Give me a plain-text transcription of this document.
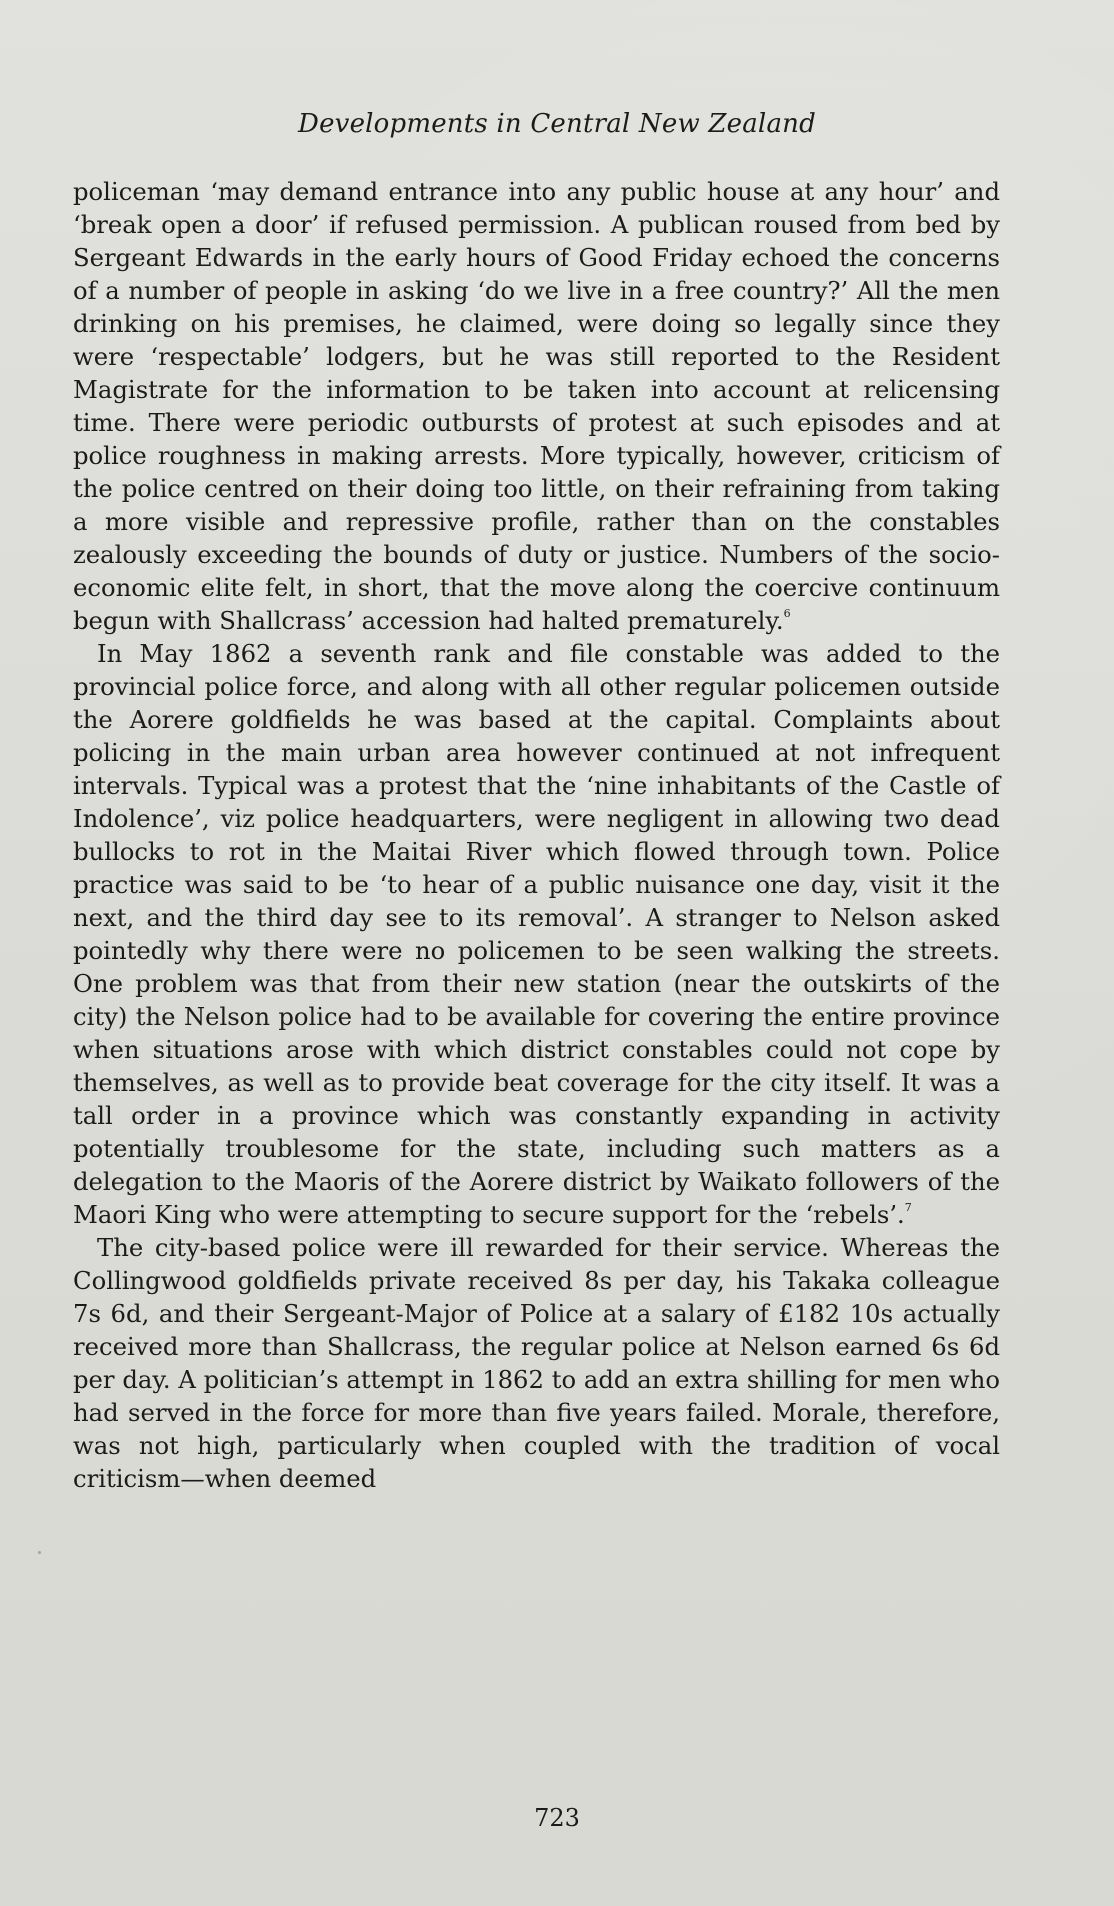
Developments in Central New Zealand

policeman ‘may demand entrance into any public house at any hour’ and ‘break open a door’ if refused permission. A publican roused from bed by Sergeant Edwards in the early hours of Good Friday echoed the concerns of a number of people in asking ‘do we live in a free country?’ All the men drinking on his premises, he claimed, were doing so legally since they were ‘respectable’ lodgers, but he was still reported to the Resident Magistrate for the information to be taken into account at relicensing time. There were periodic outbursts of protest at such episodes and at police roughness in making arrests. More typically, however, criticism of the police centred on their doing too little, on their refraining from taking a more visible and repressive profile, rather than on the constables zealously exceeding the bounds of duty or justice. Numbers of the socio-economic elite felt, in short, that the move along the coercive continuum begun with Shallcrass’ accession had halted prematurely.$^6$

In May 1862 a seventh rank and file constable was added to the provincial police force, and along with all other regular policemen outside the Aorere goldfields he was based at the capital. Complaints about policing in the main urban area however continued at not infrequent intervals. Typical was a protest that the ‘nine inhabitants of the Castle of Indolence’, viz police headquarters, were negligent in allowing two dead bullocks to rot in the Maitai River which flowed through town. Police practice was said to be ‘to hear of a public nuisance one day, visit it the next, and the third day see to its removal’. A stranger to Nelson asked pointedly why there were no policemen to be seen walking the streets. One problem was that from their new station (near the outskirts of the city) the Nelson police had to be available for covering the entire province when situations arose with which district constables could not cope by themselves, as well as to provide beat coverage for the city itself. It was a tall order in a province which was constantly expanding in activity potentially troublesome for the state, including such matters as a delegation to the Maoris of the Aorere district by Waikato followers of the Maori King who were attempting to secure support for the ‘rebels’.$^7$

The city-based police were ill rewarded for their service. Whereas the Collingwood goldfields private received 8s per day, his Takaka colleague 7s 6d, and their Sergeant-Major of Police at a salary of £182 10s actually received more than Shallcrass, the regular police at Nelson earned 6s 6d per day. A politician’s attempt in 1862 to add an extra shilling for men who had served in the force for more than five years failed. Morale, therefore, was not high, particularly when coupled with the tradition of vocal criticism—when deemed

723
